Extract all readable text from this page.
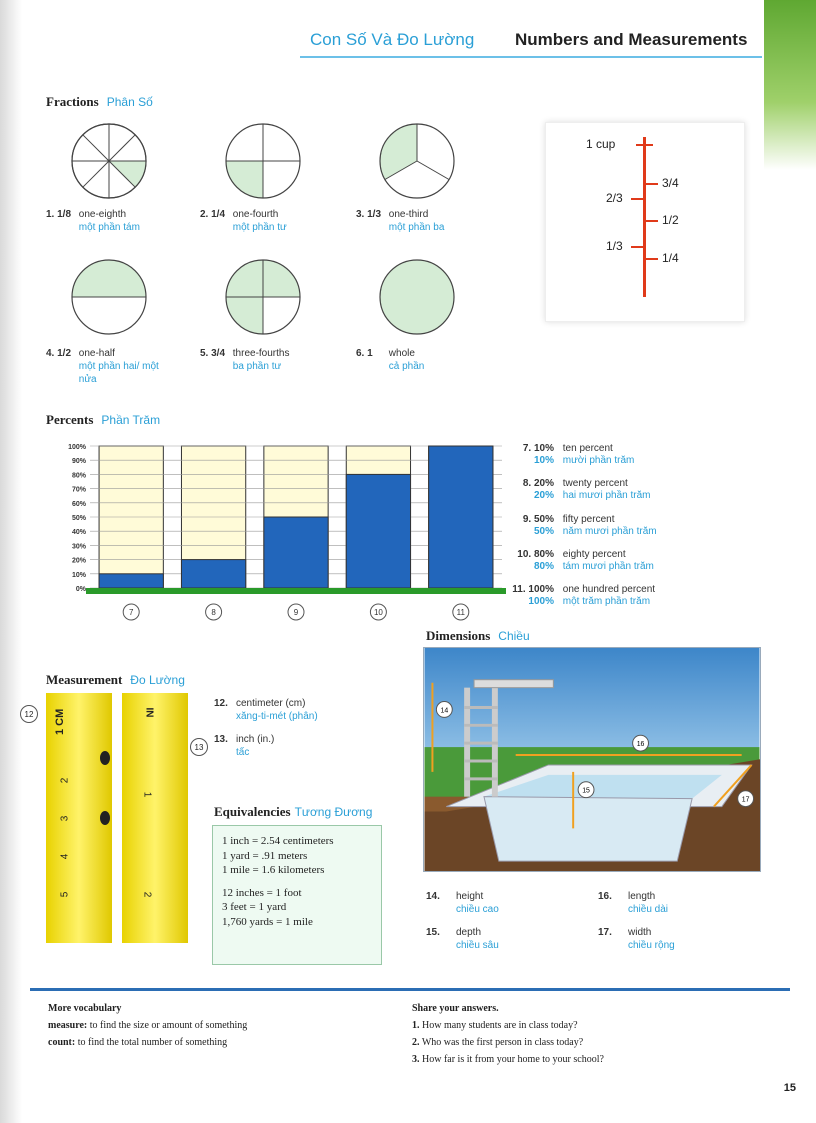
Con Số Và Đo Lường Numbers and Measurements
Fractions Phân Số
1. 1/8 one-eighth
một phần tám
2. 1/4 one-fourth
một phần tư
3. 1/3 one-third
một phần ba
4. 1/2 one-half
một phần hai/ một nửa
5. 3/4 three-fourths
ba phần tư
6. 1 whole
cả phần
1 cup
2/3
1/3
3/4
1/2
1/4
Percents Phần Trăm
100%
90%
80%
70%
60%
50%
40%
30%
20%
10%
0%
7	8	9	10	11
7. 10%
10% ten percent
mười phần trăm
8. 20%
20% twenty percent
hai mươi phần trăm
9. 50%
50% fifty percent
năm mươi phần trăm
10. 80%
80% eighty percent
tám mươi phần trăm
11. 100%
100% one hundred percent
một trăm phần trăm
Dimensions Chiều
14
16
15
17
14. height
chiều cao
15. depth
chiều sâu
16. length
chiều dài
17. width
chiều rộng
Measurement Đo Lường
12
13
1 CM
2
3
4
5
IN
1
2
12. centimeter (cm)
xăng-ti-mét (phân)
13. inch (in.)
tấc
Equivalencies Tương Đương
1 inch = 2.54 centimeters
1 yard = .91 meters
1 mile = 1.6 kilometers
12 inches = 1 foot
3 feet = 1 yard
1,760 yards = 1 mile
More vocabulary
measure: to find the size or amount of something
count: to find the total number of something
Share your answers.
1. How many students are in class today?
2. Who was the first person in class today?
3. How far is it from your home to your school?
15
